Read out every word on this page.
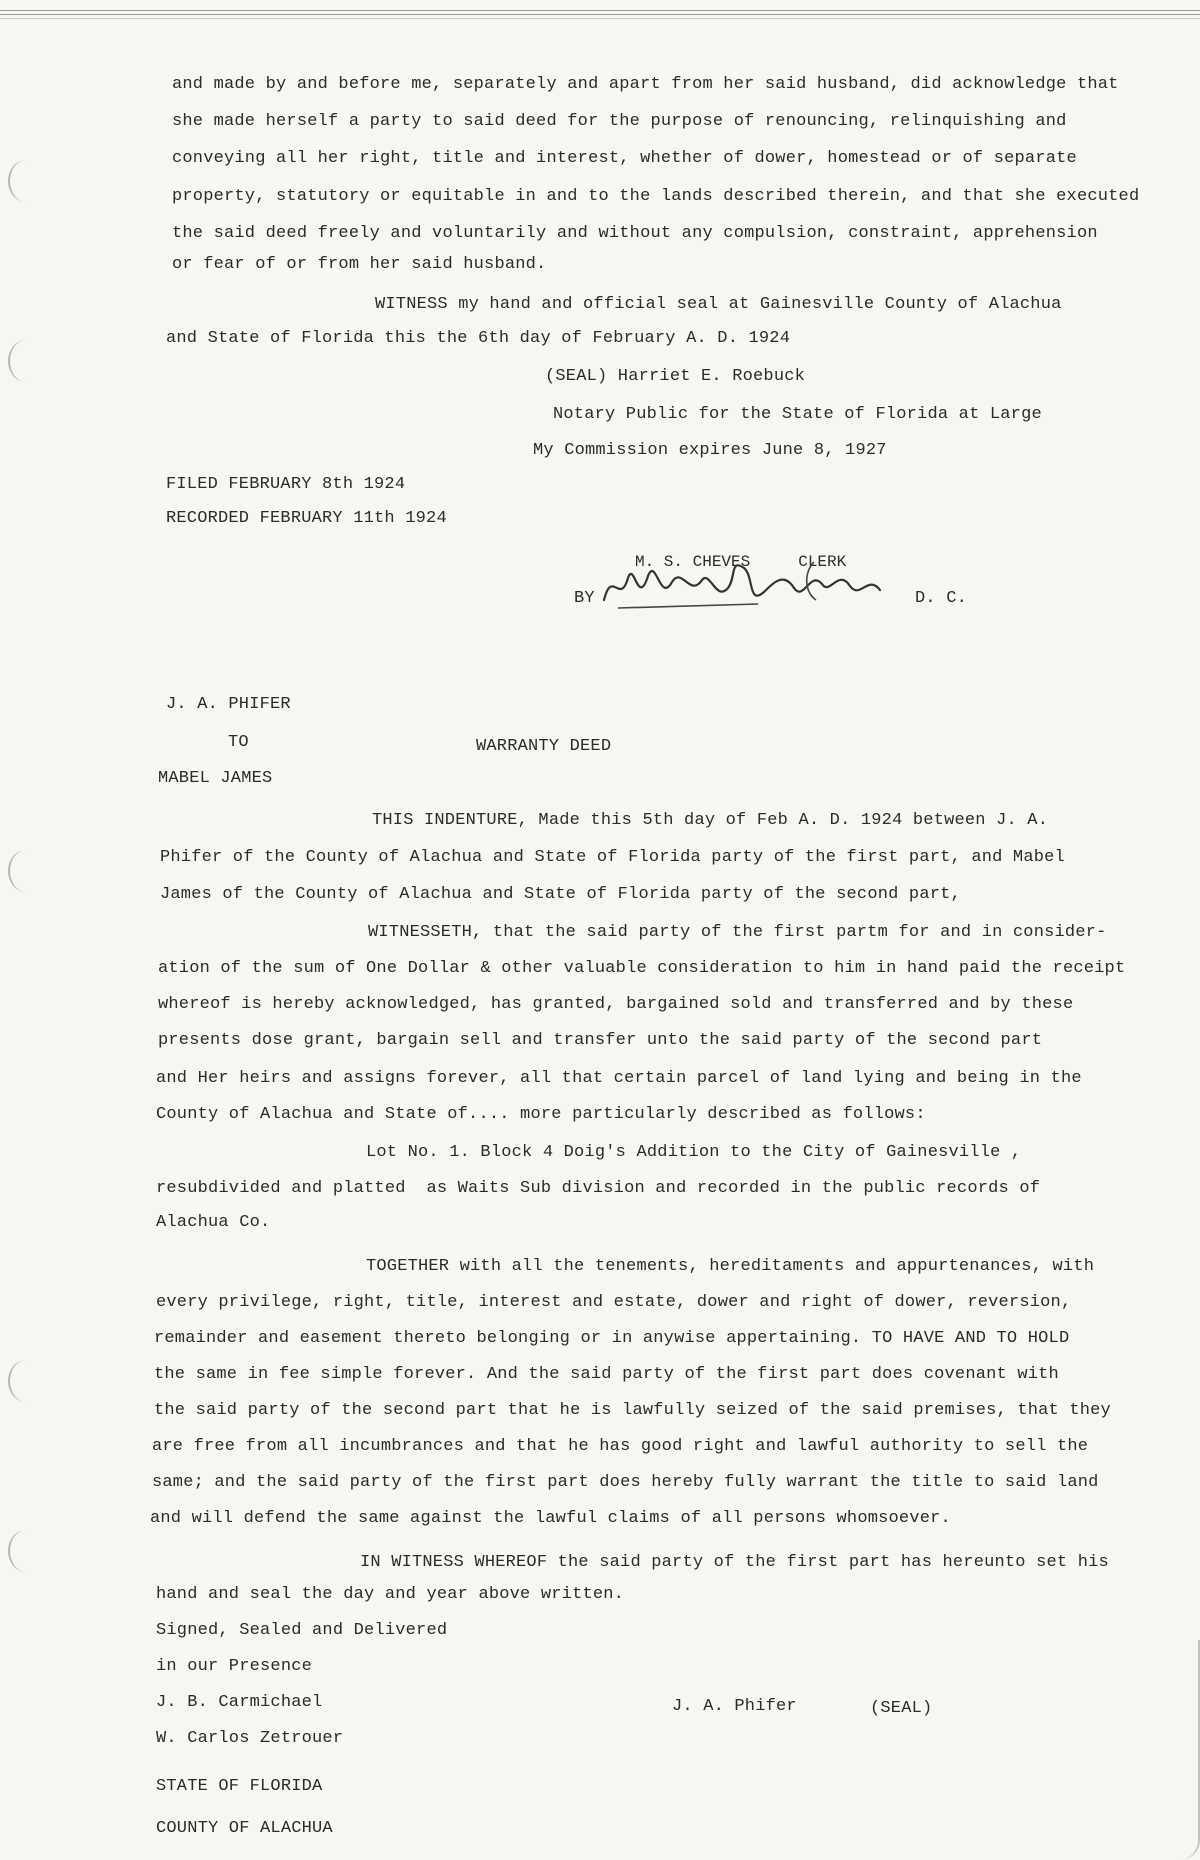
and made by and before me, separately and apart from her said husband, did acknowledge that
she made herself a party to said deed for the purpose of renouncing, relinquishing and
conveying all her right, title and interest, whether of dower, homestead or of separate
property, statutory or equitable in and to the lands described therein, and that she executed
the said deed freely and voluntarily and without any compulsion, constraint, apprehension
or fear of or from her said husband.
WITNESS my hand and official seal at Gainesville County of Alachua
and State of Florida this the 6th day of February A. D. 1924
(SEAL) Harriet E. Roebuck
Notary Public for the State of Florida at Large
My Commission expires June 8, 1927
FILED FEBRUARY 8th 1924
RECORDED FEBRUARY 11th 1924
M. S. CHEVES     CLERK
BY	D. C.
J. A. PHIFER
TO	WARRANTY DEED
MABEL JAMES
THIS INDENTURE, Made this 5th day of Feb A. D. 1924 between J. A.
Phifer of the County of Alachua and State of Florida party of the first part, and Mabel
James of the County of Alachua and State of Florida party of the second part,
WITNESSETH, that the said party of the first partm for and in consider-
ation of the sum of One Dollar & other valuable consideration to him in hand paid the receipt
whereof is hereby acknowledged, has granted, bargained sold and transferred and by these
presents dose grant, bargain sell and transfer unto the said party of the second part
and Her heirs and assigns forever, all that certain parcel of land lying and being in the
County of Alachua and State of.... more particularly described as follows:
Lot No. 1. Block 4 Doig's Addition to the City of Gainesville ,
resubdivided and platted  as Waits Sub division and recorded in the public records of
Alachua Co.
TOGETHER with all the tenements, hereditaments and appurtenances, with
every privilege, right, title, interest and estate, dower and right of dower, reversion,
remainder and easement thereto belonging or in anywise appertaining. TO HAVE AND TO HOLD
the same in fee simple forever. And the said party of the first part does covenant with
the said party of the second part that he is lawfully seized of the said premises, that they
are free from all incumbrances and that he has good right and lawful authority to sell the
same; and the said party of the first part does hereby fully warrant the title to said land
and will defend the same against the lawful claims of all persons whomsoever.
IN WITNESS WHEREOF the said party of the first part has hereunto set his
hand and seal the day and year above written.
Signed, Sealed and Delivered
in our Presence
J. B. Carmichael
W. Carlos Zetrouer
J. A. Phifer	(SEAL)
STATE OF FLORIDA
COUNTY OF ALACHUA
